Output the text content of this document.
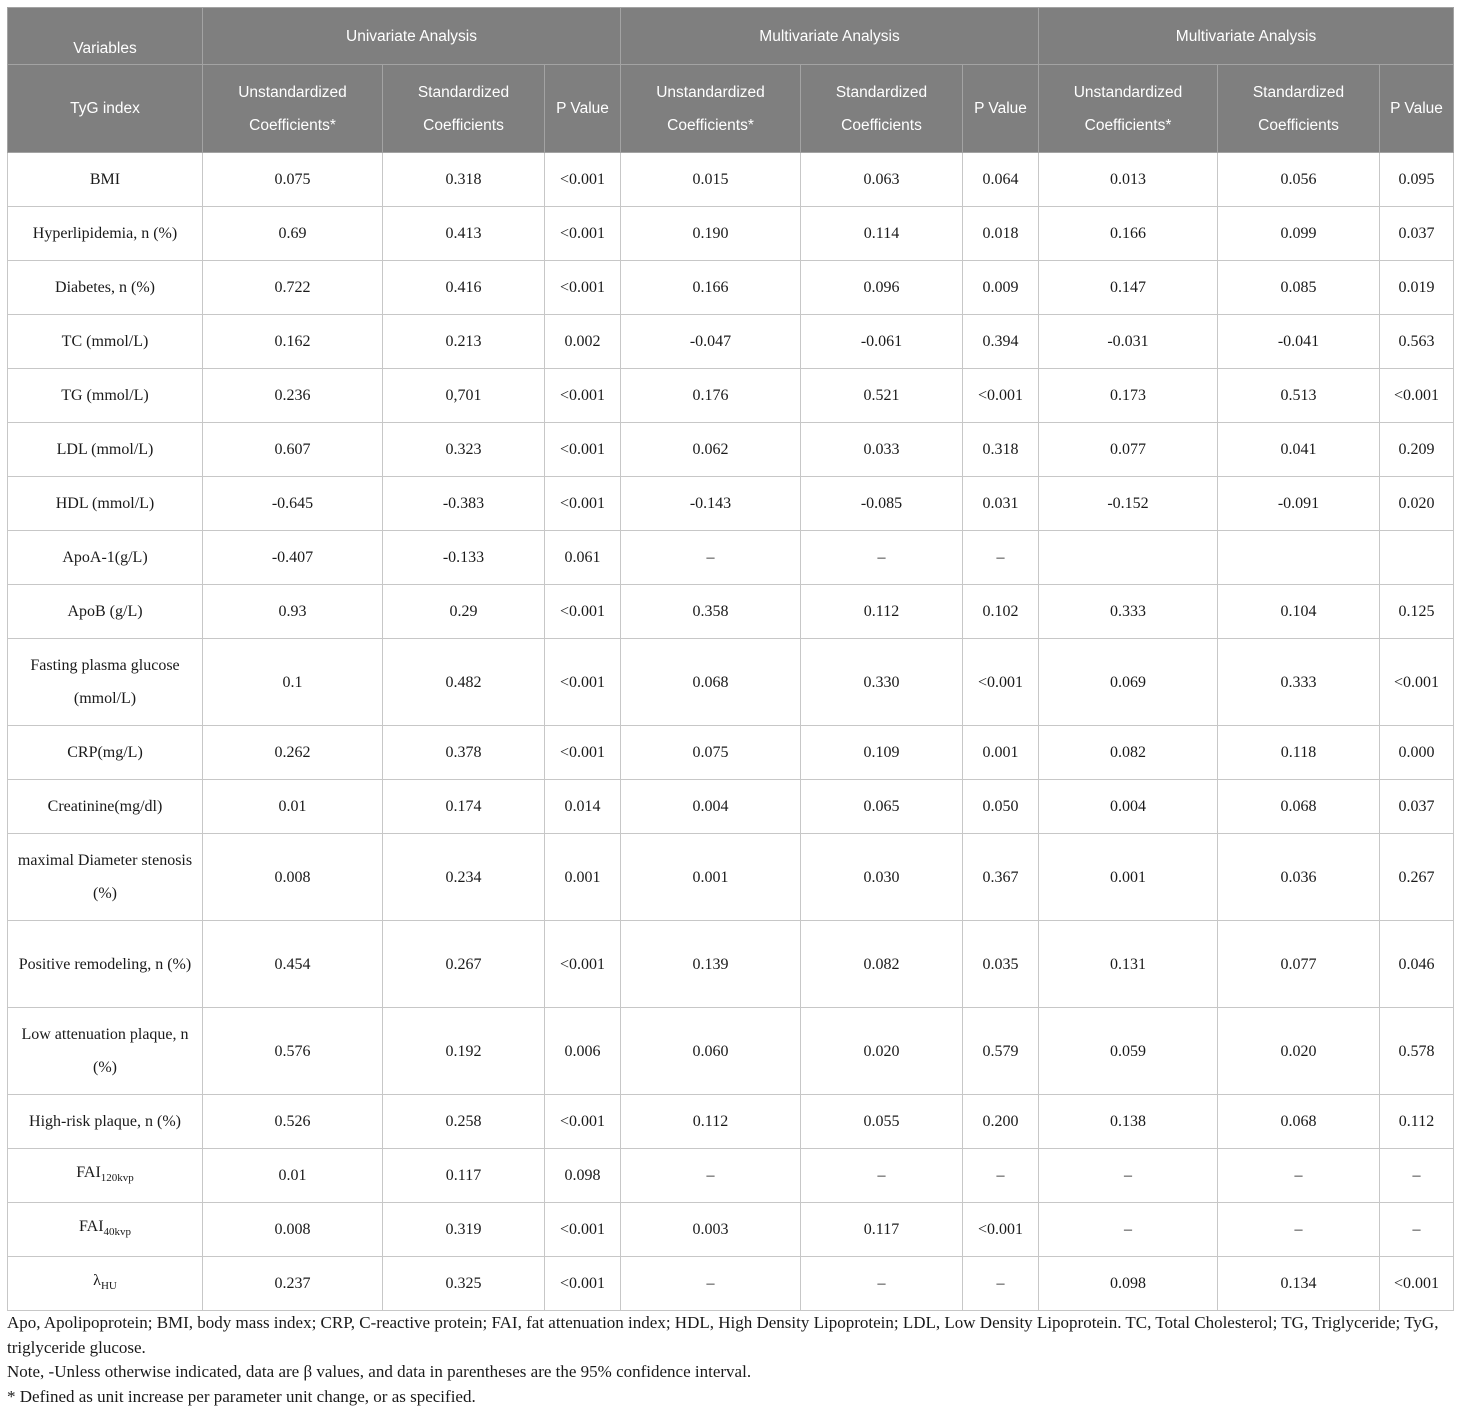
Variables	Univariate Analysis			Multivariate Analysis			Multivariate Analysis		
TyG index	Unstandardized Coefficients*	Standardized Coefficients	P Value	Unstandardized Coefficients*	Standardized Coefficients	P Value	Unstandardized Coefficients*	Standardized Coefficients	P Value
BMI	0.075	0.318	<0.001	0.015	0.063	0.064	0.013	0.056	0.095
Hyperlipidemia, n (%)	0.69	0.413	<0.001	0.190	0.114	0.018	0.166	0.099	0.037
Diabetes, n (%)	0.722	0.416	<0.001	0.166	0.096	0.009	0.147	0.085	0.019
TC (mmol/L)	0.162	0.213	0.002	-0.047	-0.061	0.394	-0.031	-0.041	0.563
TG (mmol/L)	0.236	0,701	<0.001	0.176	0.521	<0.001	0.173	0.513	<0.001
LDL (mmol/L)	0.607	0.323	<0.001	0.062	0.033	0.318	0.077	0.041	0.209
HDL (mmol/L)	-0.645	-0.383	<0.001	-0.143	-0.085	0.031	-0.152	-0.091	0.020
ApoA-1(g/L)	-0.407	-0.133	0.061	–	–	–			
ApoB (g/L)	0.93	0.29	<0.001	0.358	0.112	0.102	0.333	0.104	0.125
Fasting plasma glucose (mmol/L)	0.1	0.482	<0.001	0.068	0.330	<0.001	0.069	0.333	<0.001
CRP(mg/L)	0.262	0.378	<0.001	0.075	0.109	0.001	0.082	0.118	0.000
Creatinine(mg/dl)	0.01	0.174	0.014	0.004	0.065	0.050	0.004	0.068	0.037
maximal Diameter stenosis (%)	0.008	0.234	0.001	0.001	0.030	0.367	0.001	0.036	0.267
Positive remodeling, n (%)	0.454	0.267	<0.001	0.139	0.082	0.035	0.131	0.077	0.046
Low attenuation plaque, n (%)	0.576	0.192	0.006	0.060	0.020	0.579	0.059	0.020	0.578
High-risk plaque, n (%)	0.526	0.258	<0.001	0.112	0.055	0.200	0.138	0.068	0.112
$FAI_{120kvp}$	0.01	0.117	0.098	–	–	–	–	–	–
$FAI_{40kvp}$	0.008	0.319	<0.001	0.003	0.117	<0.001	–	–	–
$\lambda_{HU}$	0.237	0.325	<0.001	–	–	–	0.098	0.134	<0.001

Apo, Apolipoprotein; BMI, body mass index; CRP, C-reactive protein; FAI, fat attenuation index; HDL, High Density Lipoprotein; LDL, Low Density Lipoprotein. TC, Total Cholesterol; TG, Triglyceride; TyG, triglyceride glucose.

Note, -Unless otherwise indicated, data are β values, and data in parentheses are the 95% confidence interval.

* Defined as unit increase per parameter unit change, or as specified.
